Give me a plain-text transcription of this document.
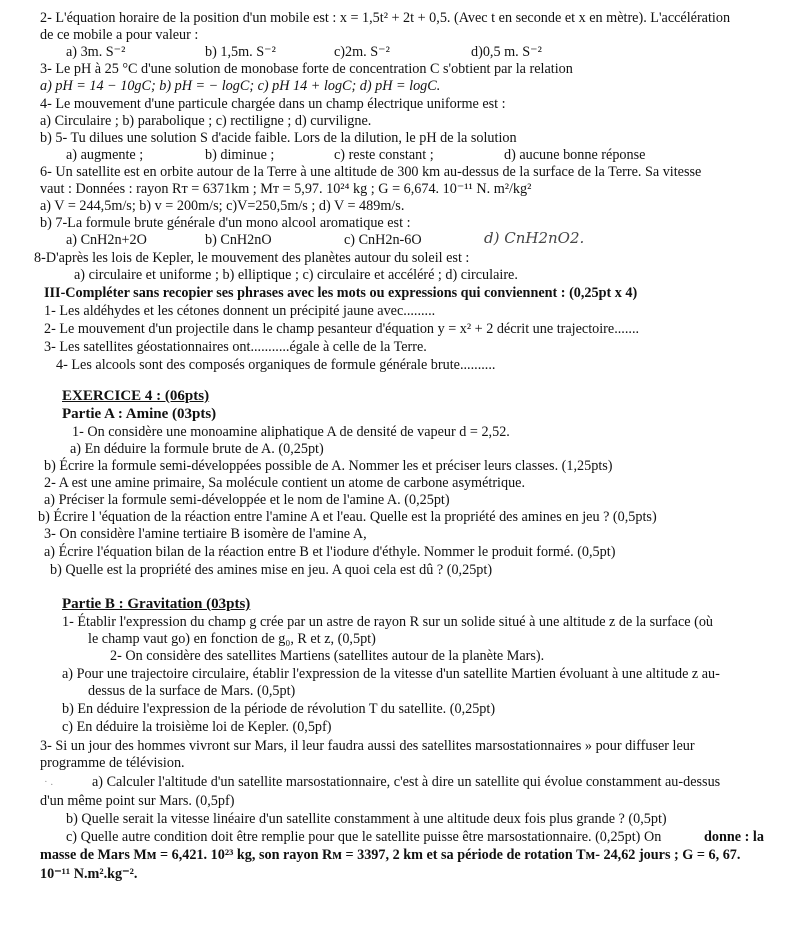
2- L'équation horaire de la position d'un mobile est : x = 1,5t² + 2t + 0,5. (Avec t en seconde et x en mètre). L'accélération
de ce mobile a pour valeur :
a) 3m. S⁻²	b) 1,5m. S⁻²	c)2m. S⁻²	d)0,5 m. S⁻²
3- Le pH à 25 °C d'une solution de monobase forte de concentration C s'obtient par la relation
a) pH = 14 − 10gC; b) pH = − logC; c) pH 14 + logC; d) pH = logC.
4- Le mouvement d'une particule chargée dans un champ électrique uniforme est :
a) Circulaire ; b) parabolique ; c) rectiligne ; d) curviligne.
b) 5- Tu dilues une solution S d'acide faible. Lors de la dilution, le pH de la solution
a) augmente ;	b) diminue ;	c) reste constant ;	d) aucune bonne réponse
6- Un satellite est en orbite autour de la Terre à une altitude de 300 km au-dessus de la surface de la Terre. Sa vitesse
vaut : Données : rayon Rт = 6371km ; Mт = 5,97. 10²⁴ kg ; G = 6,674. 10⁻¹¹ N. m²/kg²
a) V = 244,5m/s; b) v = 200m/s; c)V=250,5m/s ; d) V = 489m/s.
b) 7-La formule brute générale d'un mono alcool aromatique est :
a) CnH2n+2O	b) CnH2nO	c) CnH2n-6O	d) CnH2nO2.
8-D'après les lois de Kepler, le mouvement des planètes autour du soleil est :
a) circulaire et uniforme ; b) elliptique ; c) circulaire et accéléré ; d) circulaire.
III-Compléter sans recopier ses phrases avec les mots ou expressions qui conviennent : (0,25pt x 4)
1- Les aldéhydes et les cétones donnent un précipité jaune avec.........
2- Le mouvement d'un projectile dans le champ pesanteur d'équation y = x² + 2 décrit une trajectoire.......
3- Les satellites géostationnaires ont...........égale à celle de la Terre.
4- Les alcools sont des composés organiques de formule générale brute..........
EXERCICE 4 : (06pts)
Partie A : Amine (03pts)
1- On considère une monoamine aliphatique A de densité de vapeur d = 2,52.
a) En déduire la formule brute de A. (0,25pt)
b) Écrire la formule semi-développées possible de A. Nommer les et préciser leurs classes. (1,25pts)
2- A est une amine primaire, Sa molécule contient un atome de carbone asymétrique.
a) Préciser la formule semi-développée et le nom de l'amine A. (0,25pt)
b) Écrire l 'équation de la réaction entre l'amine A et l'eau. Quelle est la propriété des amines en jeu ? (0,5pts)
3- On considère l'amine tertiaire B isomère de l'amine A,
a) Écrire l'équation bilan de la réaction entre B et l'iodure d'éthyle. Nommer le produit formé. (0,5pt)
b) Quelle est la propriété des amines mise en jeu. A quoi cela est dû ? (0,25pt)
Partie B : Gravitation (03pts)
1- Établir l'expression du champ g crée par un astre de rayon R sur un solide situé à une altitude z de la surface (où
le champ vaut go) en fonction de g₀, R et z, (0,5pt)
2- On considère des satellites Martiens (satellites autour de la planète Mars).
a) Pour une trajectoire circulaire, établir l'expression de la vitesse d'un satellite Martien évoluant à une altitude z au-
dessus de la surface de Mars. (0,5pt)
b) En déduire l'expression de la période de révolution T du satellite. (0,25pt)
c) En déduire la troisième loi de Kepler. (0,5pf)
3- Si un jour des hommes vivront sur Mars, il leur faudra aussi des satellites marsostationnaires » pour diffuser leur
programme de télévision.
· .	a) Calculer l'altitude d'un satellite marsostationnaire, c'est à dire un satellite qui évolue constamment au-dessus
d'un même point sur Mars. (0,5pf)
b) Quelle serait la vitesse linéaire d'un satellite constamment à une altitude deux fois plus grande ? (0,5pt)
c) Quelle autre condition doit être remplie pour que le satellite puisse être marsostationnaire. (0,25pt) On	donne : la
masse de Mars Mм = 6,421. 10²³ kg, son rayon Rм = 3397, 2 km et sa période de rotation Tм- 24,62 jours ; G = 6, 67.
10⁻¹¹ N.m².kg⁻².
